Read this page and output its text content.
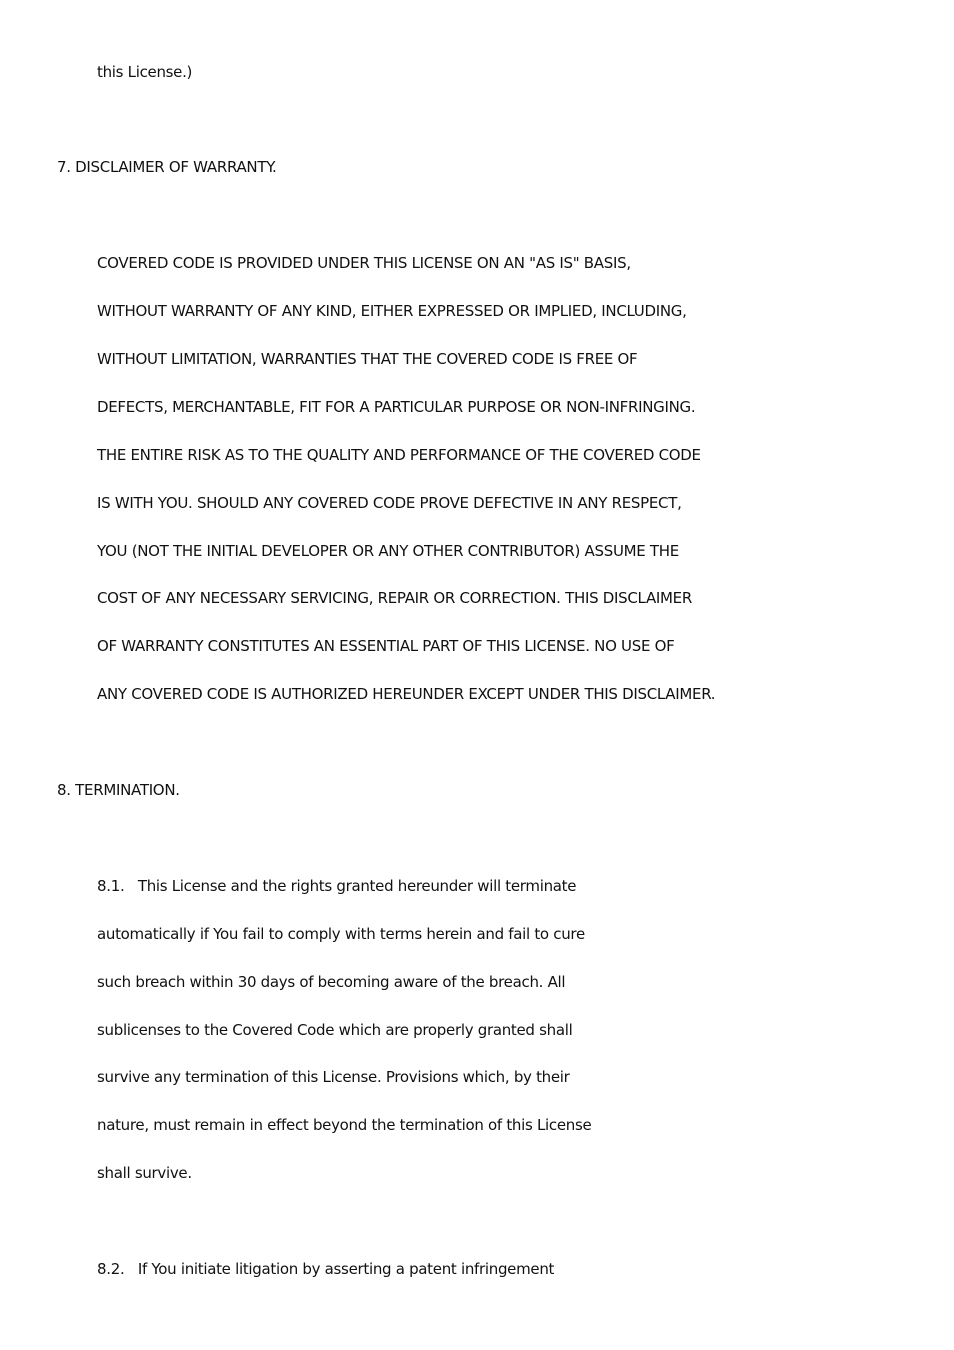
this License.)

7. DISCLAIMER OF WARRANTY.

COVERED CODE IS PROVIDED UNDER THIS LICENSE ON AN "AS IS" BASIS,

WITHOUT WARRANTY OF ANY KIND, EITHER EXPRESSED OR IMPLIED, INCLUDING,

WITHOUT LIMITATION, WARRANTIES THAT THE COVERED CODE IS FREE OF

DEFECTS, MERCHANTABLE, FIT FOR A PARTICULAR PURPOSE OR NON-INFRINGING.

THE ENTIRE RISK AS TO THE QUALITY AND PERFORMANCE OF THE COVERED CODE

IS WITH YOU. SHOULD ANY COVERED CODE PROVE DEFECTIVE IN ANY RESPECT,

YOU (NOT THE INITIAL DEVELOPER OR ANY OTHER CONTRIBUTOR) ASSUME THE

COST OF ANY NECESSARY SERVICING, REPAIR OR CORRECTION. THIS DISCLAIMER

OF WARRANTY CONSTITUTES AN ESSENTIAL PART OF THIS LICENSE. NO USE OF

ANY COVERED CODE IS AUTHORIZED HEREUNDER EXCEPT UNDER THIS DISCLAIMER.

8. TERMINATION.

8.1.   This License and the rights granted hereunder will terminate

automatically if You fail to comply with terms herein and fail to cure

such breach within 30 days of becoming aware of the breach. All

sublicenses to the Covered Code which are properly granted shall

survive any termination of this License. Provisions which, by their

nature, must remain in effect beyond the termination of this License

shall survive.

8.2.   If You initiate litigation by asserting a patent infringement
